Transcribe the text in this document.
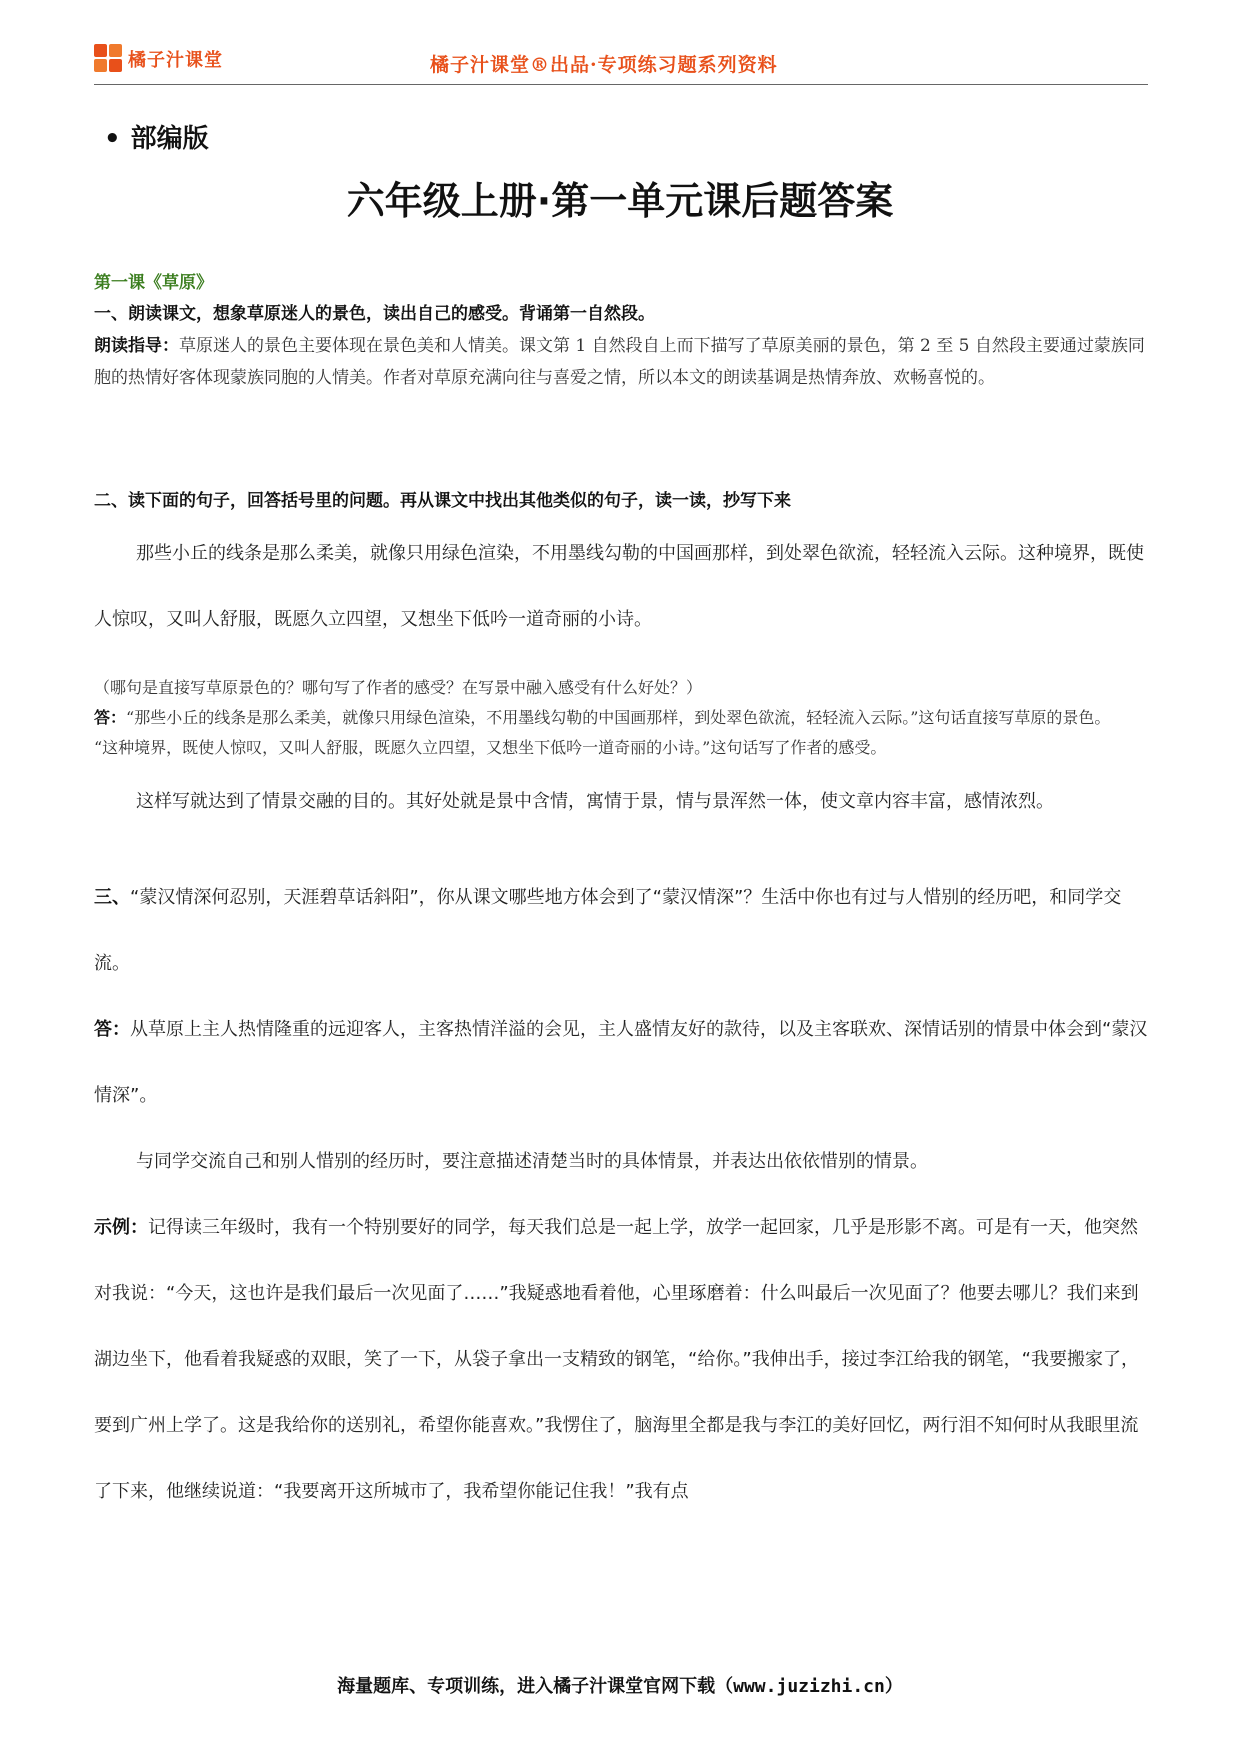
橘子汁课堂	橘子汁课堂®出品·专项练习题系列资料
• 部编版
六年级上册·第一单元课后题答案

第一课《草原》

一、朗读课文，想象草原迷人的景色，读出自己的感受。背诵第一自然段。

朗读指导：草原迷人的景色主要体现在景色美和人情美。课文第 1 自然段自上而下描写了草原美丽的景色，第 2 至 5 自然段主要通过蒙族同胞的热情好客体现蒙族同胞的人情美。作者对草原充满向往与喜爱之情，所以本文的朗读基调是热情奔放、欢畅喜悦的。

二、读下面的句子，回答括号里的问题。再从课文中找出其他类似的句子，读一读，抄写下来

那些小丘的线条是那么柔美，就像只用绿色渲染，不用墨线勾勒的中国画那样，到处翠色欲流，轻轻流入云际。这种境界，既使人惊叹，又叫人舒服，既愿久立四望，又想坐下低吟一道奇丽的小诗。

（哪句是直接写草原景色的？哪句写了作者的感受？在写景中融入感受有什么好处？）

答：“那些小丘的线条是那么柔美，就像只用绿色渲染，不用墨线勾勒的中国画那样，到处翠色欲流，轻轻流入云际。”这句话直接写草原的景色。

“这种境界，既使人惊叹，又叫人舒服，既愿久立四望，又想坐下低吟一道奇丽的小诗。”这句话写了作者的感受。

这样写就达到了情景交融的目的。其好处就是景中含情，寓情于景，情与景浑然一体，使文章内容丰富，感情浓烈。

三、“蒙汉情深何忍别，天涯碧草话斜阳”，你从课文哪些地方体会到了“蒙汉情深”？生活中你也有过与人惜别的经历吧，和同学交流。

答：从草原上主人热情隆重的远迎客人，主客热情洋溢的会见，主人盛情友好的款待，以及主客联欢、深情话别的情景中体会到“蒙汉情深”。

与同学交流自己和别人惜别的经历时，要注意描述清楚当时的具体情景，并表达出依依惜别的情景。

示例：记得读三年级时，我有一个特别要好的同学，每天我们总是一起上学，放学一起回家，几乎是形影不离。可是有一天，他突然对我说：“今天，这也许是我们最后一次见面了……”我疑惑地看着他，心里琢磨着：什么叫最后一次见面了？他要去哪儿？我们来到湖边坐下，他看着我疑惑的双眼，笑了一下，从袋子拿出一支精致的钢笔，“给你。”我伸出手，接过李江给我的钢笔，“我要搬家了，要到广州上学了。这是我给你的送别礼，希望你能喜欢。”我愣住了，脑海里全都是我与李江的美好回忆，两行泪不知何时从我眼里流了下来，他继续说道：“我要离开这所城市了，我希望你能记住我！”我有点

海量题库、专项训练，进入橘子汁课堂官网下载（www.juzizhi.cn）
